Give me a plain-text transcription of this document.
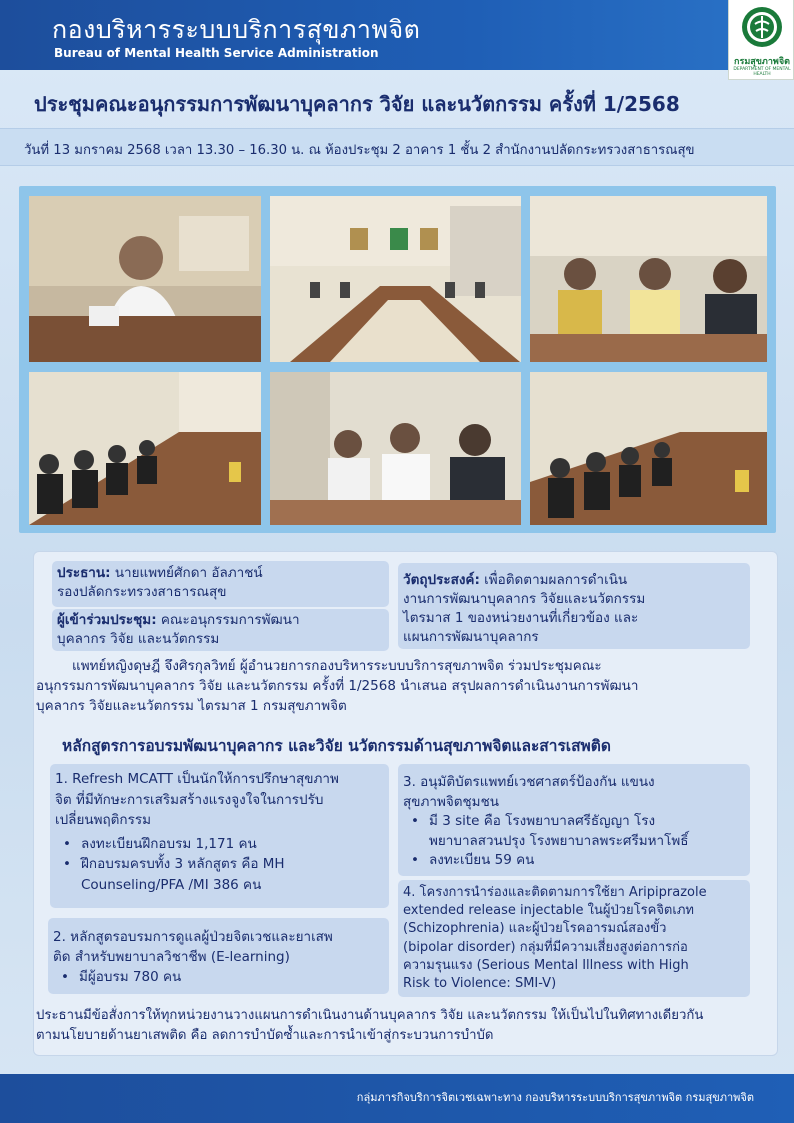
กองบริหารระบบบริการสุขภาพจิต
Bureau of Mental Health Service Administration
กรมสุขภาพจิต
DEPARTMENT OF MENTAL HEALTH
ประชุมคณะอนุกรรมการพัฒนาบุคลากร วิจัย และนวัตกรรม ครั้งที่ 1/2568
วันที่ 13 มกราคม 2568 เวลา 13.30 – 16.30 น. ณ ห้องประชุม 2 อาคาร 1 ชั้น 2 สำนักงานปลัดกระทรวงสาธารณสุข
ประธาน: นายแพทย์ศักดา อัลภาชน์
รองปลัดกระทรวงสาธารณสุข
ผู้เข้าร่วมประชุม: คณะอนุกรรมการพัฒนา
บุคลากร วิจัย และนวัตกรรม
วัตถุประสงค์: เพื่อติดตามผลการดำเนิน
งานการพัฒนาบุคลากร วิจัยและนวัตกรรม
ไตรมาส 1 ของหน่วยงานที่เกี่ยวข้อง และ
แผนการพัฒนาบุคลากร
แพทย์หญิงดุษฎี จึงศิรกุลวิทย์ ผู้อำนวยการกองบริหารระบบบริการสุขภาพจิต ร่วมประชุมคณะ
อนุกรรมการพัฒนาบุคลากร วิจัย และนวัตกรรม ครั้งที่ 1/2568 นำเสนอ สรุปผลการดำเนินงานการพัฒนา
บุคลากร วิจัยและนวัตกรรม ไตรมาส 1 กรมสุขภาพจิต
หลักสูตรการอบรมพัฒนาบุคลากร และวิจัย นวัตกรรมด้านสุขภาพจิตและสารเสพติด
1. Refresh MCATT เป็นนักให้การปรึกษาสุขภาพ
จิต ที่มีทักษะการเสริมสร้างแรงจูงใจในการปรับ
เปลี่ยนพฤติกรรม
• ลงทะเบียนฝึกอบรม 1,171 คน
• ฝึกอบรมครบทั้ง 3 หลักสูตร คือ MH
Counseling/PFA /MI 386 คน
2. หลักสูตรอบรมการดูแลผู้ป่วยจิตเวชและยาเสพ
ติด สำหรับพยาบาลวิชาชีพ (E-learning)
• มีผู้อบรม 780 คน
3. อนุมัติบัตรแพทย์เวชศาสตร์ป้องกัน แขนง
สุขภาพจิตชุมชน
• มี 3 site คือ โรงพยาบาลศรีธัญญา โรง
พยาบาลสวนปรุง โรงพยาบาลพระศรีมหาโพธิ์
• ลงทะเบียน 59 คน
4. โครงการนำร่องและติดตามการใช้ยา Aripiprazole
extended release injectable ในผู้ป่วยโรคจิตเภท
(Schizophrenia) และผู้ป่วยโรคอารมณ์สองขั้ว
(bipolar disorder) กลุ่มที่มีความเสี่ยงสูงต่อการก่อ
ความรุนแรง (Serious Mental Illness with High
Risk to Violence: SMI-V)
ประธานมีข้อสั่งการให้ทุกหน่วยงานวางแผนการดำเนินงานด้านบุคลากร วิจัย และนวัตกรรม ให้เป็นไปในทิศทางเดียวกัน
ตามนโยบายด้านยาเสพติด คือ ลดการบำบัดซ้ำและการนำเข้าสู่กระบวนการบำบัด
กลุ่มภารกิจบริการจิตเวชเฉพาะทาง กองบริหารระบบบริการสุขภาพจิต กรมสุขภาพจิต
